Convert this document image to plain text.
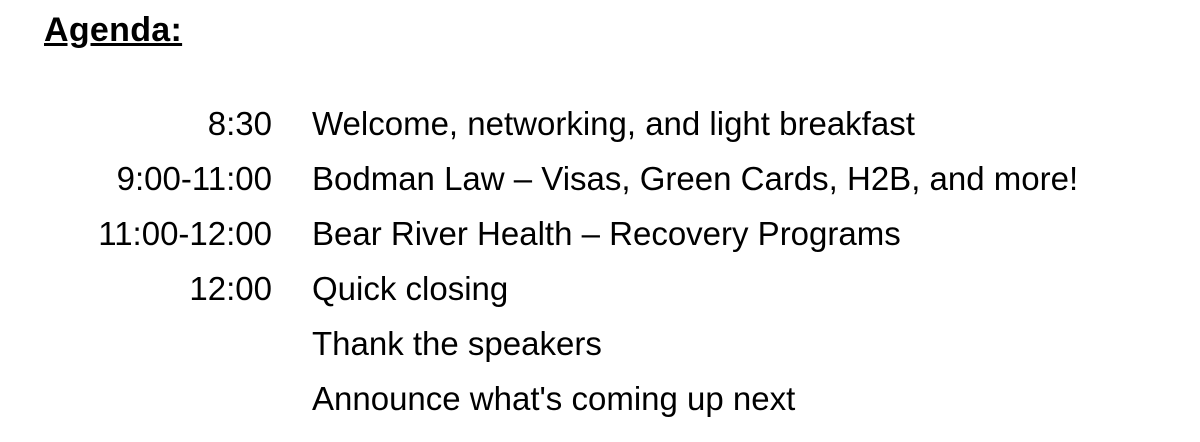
Agenda:
8:30	Welcome, networking, and light breakfast
9:00-11:00	Bodman Law – Visas, Green Cards, H2B, and more!
11:00-12:00	Bear River Health – Recovery Programs
12:00	Quick closing
	Thank the speakers
	Announce what's coming up next
